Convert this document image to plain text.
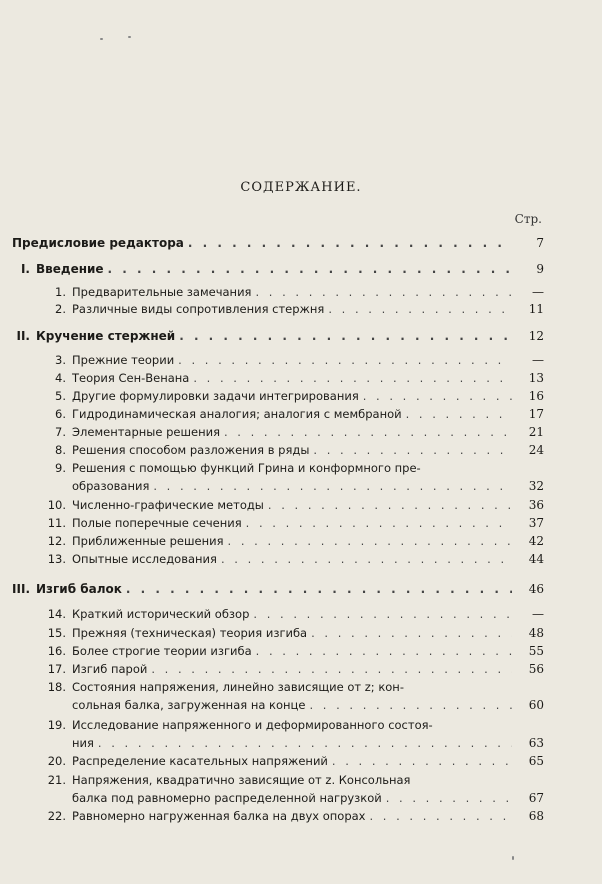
СОДЕРЖАНИЕ.
Стр.
Предисловие редактора . . .	7
I. Введение . . .	9
1. Предварительные замечания . . .	—
2. Различные виды сопротивления стержня . . .	11
II. Кручение стержней . . .	12
3. Прежние теории . . .	—
4. Теория Сен-Венана . . .	13
5. Другие формулировки задачи интегрирования . . .	16
6. Гидродинамическая аналогия; аналогия с мембраной . . .	17
7. Элементарные решения . . .	21
8. Решения способом разложения в ряды . . .	24
9. Решения с помощью функций Грина и конформного пре-
образования . . .	32
10. Численно-графические методы . . .	36
11. Полые поперечные сечения . . .	37
12. Приближенные решения . . .	42
13. Опытные исследования . . .	44
III. Изгиб балок . . .	46
14. Краткий исторический обзор . . .	—
15. Прежняя (техническая) теория изгиба . . .	48
16. Более строгие теории изгиба . . .	55
17. Изгиб парой . . .	56
18. Состояния напряжения, линейно зависящие от z; кон-
сольная балка, загруженная на конце . . .	60
19. Исследование напряженного и деформированного состоя-
ния . . .	63
20. Распределение касательных напряжений . . .	65
21. Напряжения, квадратично зависящие от z. Консольная
балка под равномерно распределенной нагрузкой . . .	67
22. Равномерно нагруженная балка на двух опорах . . .	68
